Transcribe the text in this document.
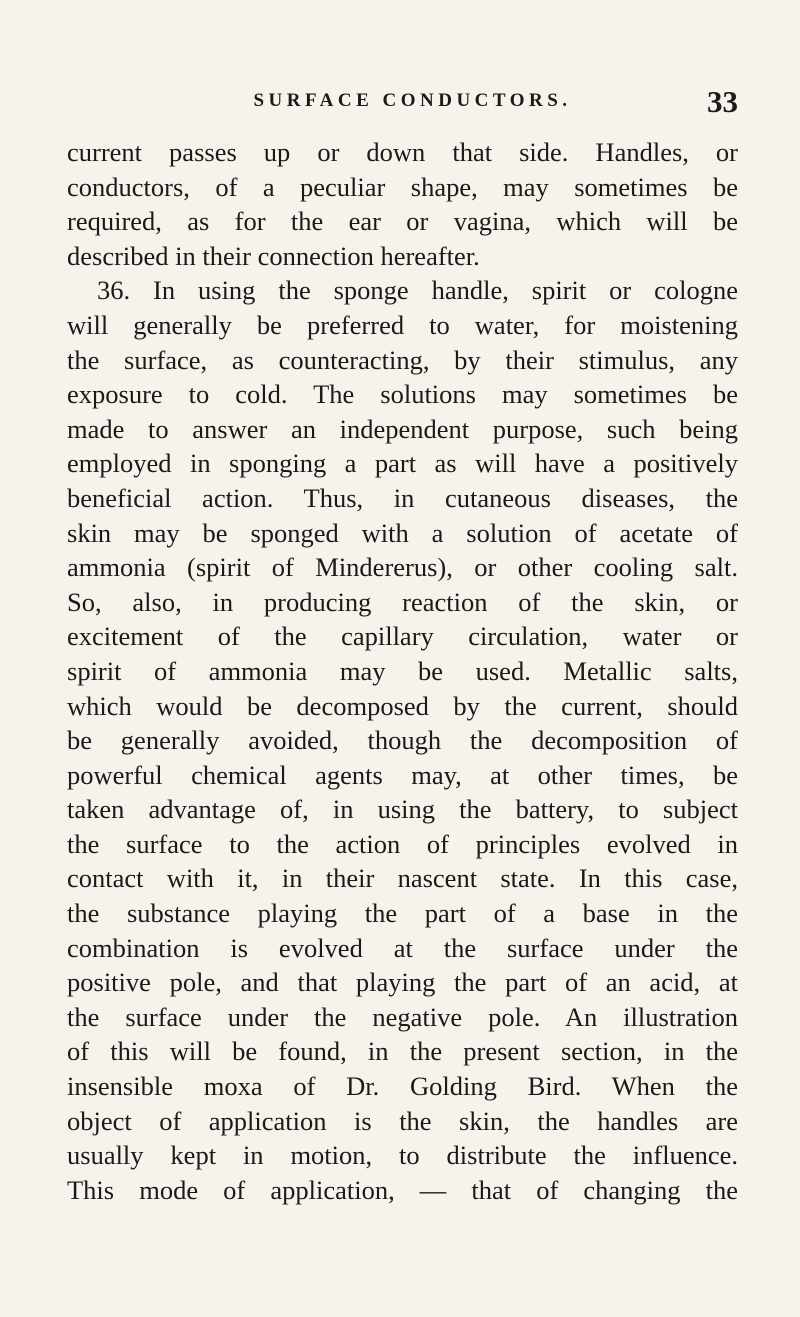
SURFACE CONDUCTORS.	33
current passes up or down that side. Handles, or
conductors, of a peculiar shape, may sometimes be
required, as for the ear or vagina, which will be
described in their connection hereafter.
36. In using the sponge handle, spirit or cologne
will generally be preferred to water, for moistening
the surface, as counteracting, by their stimulus, any
exposure to cold. The solutions may sometimes be
made to answer an independent purpose, such being
employed in sponging a part as will have a positively
beneficial action. Thus, in cutaneous diseases, the
skin may be sponged with a solution of acetate of
ammonia (spirit of Mindererus), or other cooling salt.
So, also, in producing reaction of the skin, or
excitement of the capillary circulation, water or
spirit of ammonia may be used. Metallic salts,
which would be decomposed by the current, should
be generally avoided, though the decomposition of
powerful chemical agents may, at other times, be
taken advantage of, in using the battery, to subject
the surface to the action of principles evolved in
contact with it, in their nascent state. In this case,
the substance playing the part of a base in the
combination is evolved at the surface under the
positive pole, and that playing the part of an acid, at
the surface under the negative pole. An illustration
of this will be found, in the present section, in the
insensible moxa of Dr. Golding Bird. When the
object of application is the skin, the handles are
usually kept in motion, to distribute the influence.
This mode of application, — that of changing the
